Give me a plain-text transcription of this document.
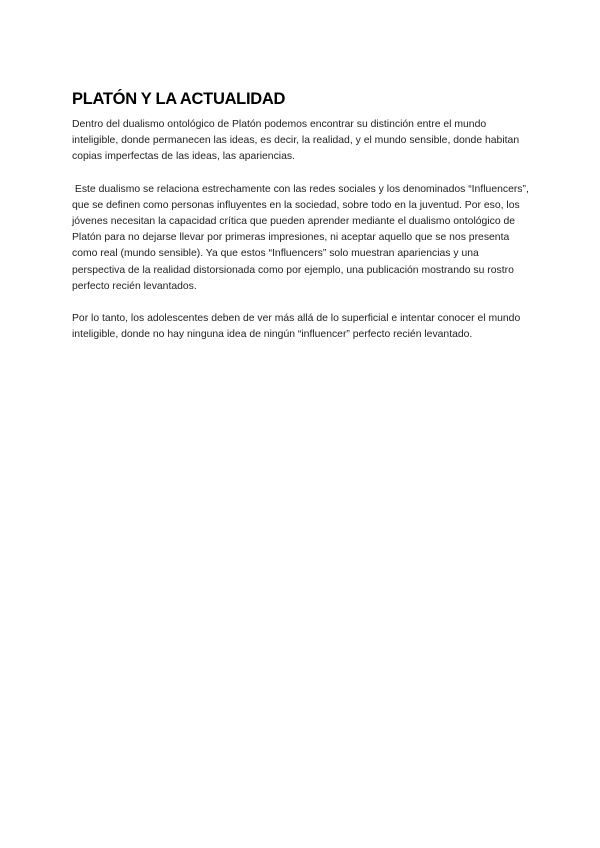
PLATÓN Y LA ACTUALIDAD

Dentro del dualismo ontológico de Platón podemos encontrar su distinción entre el mundo inteligible, donde permanecen las ideas, es decir, la realidad, y el mundo sensible, donde habitan copias imperfectas de las ideas, las apariencias.

Este dualismo se relaciona estrechamente con las redes sociales y los denominados “Influencers”, que se definen como personas influyentes en la sociedad, sobre todo en la juventud. Por eso, los jóvenes necesitan la capacidad crítica que pueden aprender mediante el dualismo ontológico de Platón para no dejarse llevar por primeras impresiones, ni aceptar aquello que se nos presenta como real (mundo sensible). Ya que estos “Influencers” solo muestran apariencias y una perspectiva de la realidad distorsionada como por ejemplo, una publicación mostrando su rostro perfecto recién levantados.

Por lo tanto, los adolescentes deben de ver más allá de lo superficial e intentar conocer el mundo inteligible, donde no hay ninguna idea de ningún “influencer” perfecto recién levantado.
